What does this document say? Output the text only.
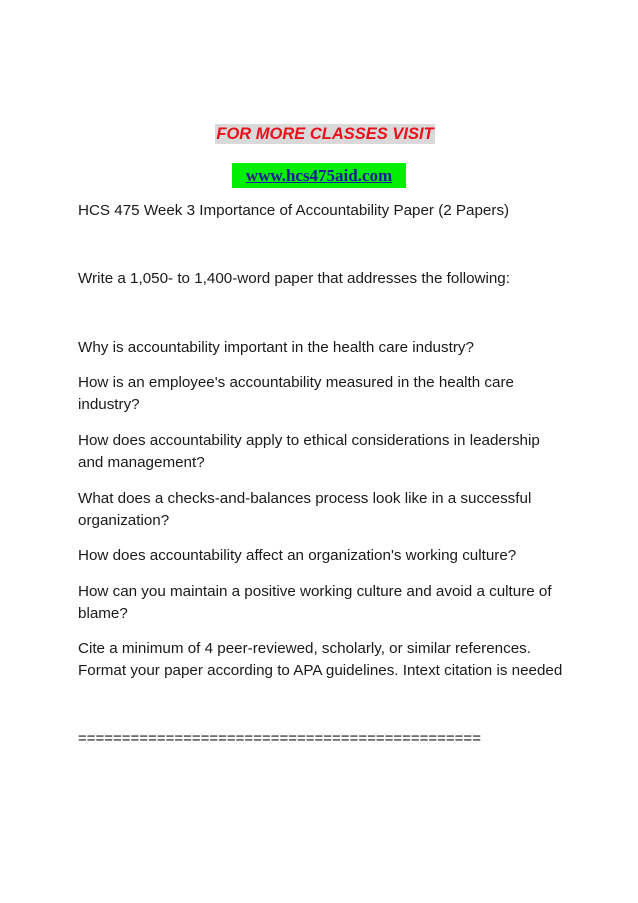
FOR MORE CLASSES VISIT
www.hcs475aid.com
HCS 475 Week 3 Importance of Accountability Paper (2 Papers)
Write a 1,050- to 1,400-word paper that addresses the following:
Why is accountability important in the health care industry?
How is an employee's accountability measured in the health care industry?
How does accountability apply to ethical considerations in leadership and management?
What does a checks-and-balances process look like in a successful organization?
How does accountability affect an organization's working culture?
How can you maintain a positive working culture and avoid a culture of blame?
Cite a minimum of 4 peer-reviewed, scholarly, or similar references. Format your paper according to APA guidelines. Intext citation is needed
==============================================
